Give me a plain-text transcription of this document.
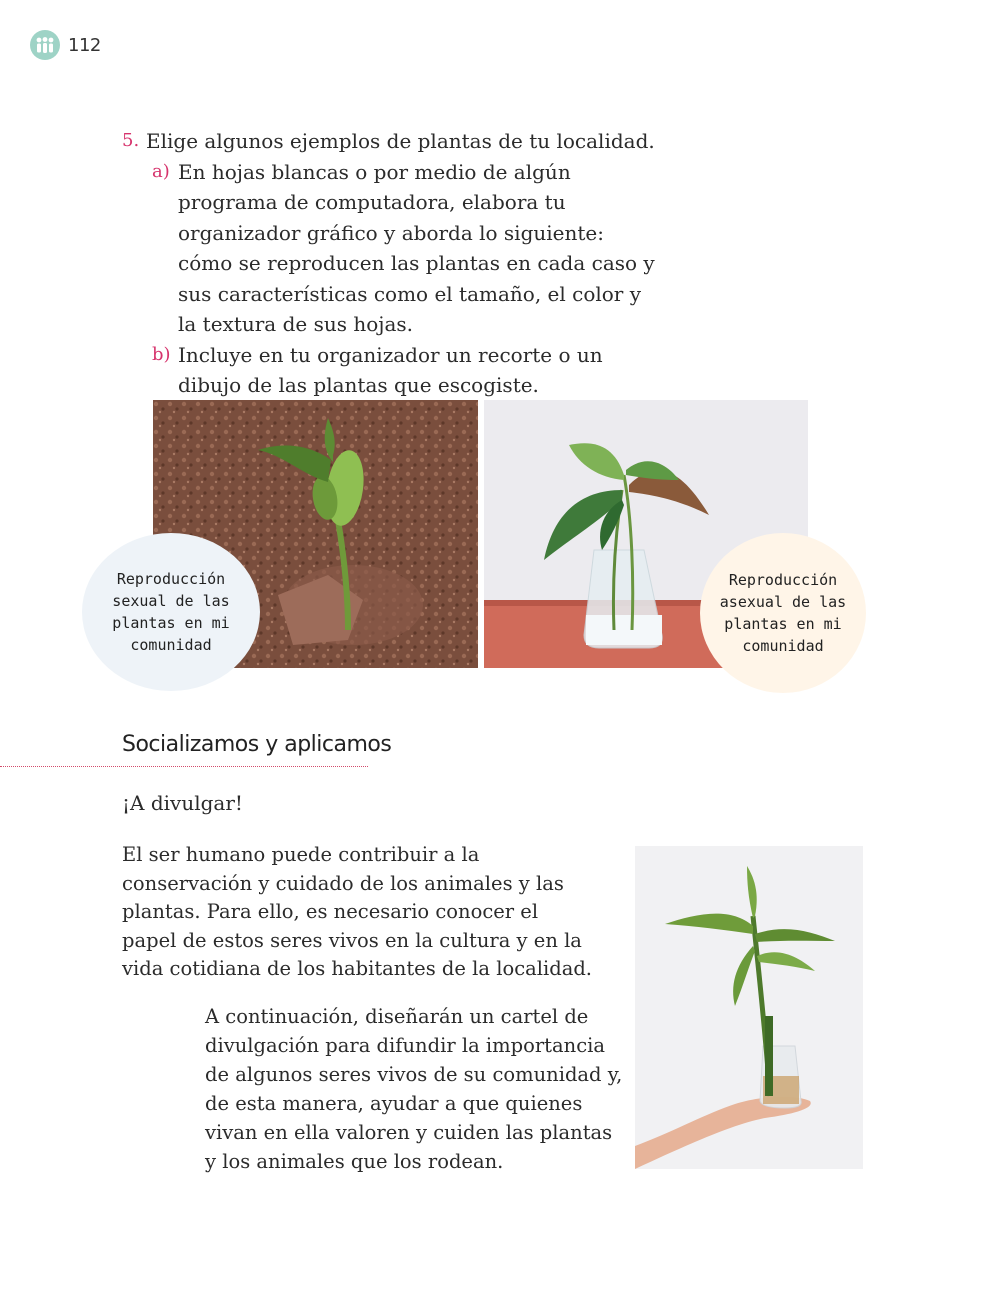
112
5. Elige algunos ejemplos de plantas de tu localidad.
a) En hojas blancas o por medio de algún programa de computadora, elabora tu organizador gráfico y aborda lo siguiente: cómo se reproducen las plantas en cada caso y sus características como el tamaño, el color y la textura de sus hojas.
b) Incluye en tu organizador un recorte o un dibujo de las plantas que escogiste.
Reproducción sexual de las plantas en mi comunidad
Reproducción asexual de las plantas en mi comunidad
Socializamos y aplicamos
¡A divulgar!
El ser humano puede contribuir a la conservación y cuidado de los animales y las plantas. Para ello, es necesario conocer el papel de estos seres vivos en la cultura y en la vida cotidiana de los habitantes de la localidad.
A continuación, diseñarán un cartel de divulgación para difundir la importancia de algunos seres vivos de su comunidad y, de esta manera, ayudar a que quienes vivan en ella valoren y cuiden las plantas y los animales que los rodean.
